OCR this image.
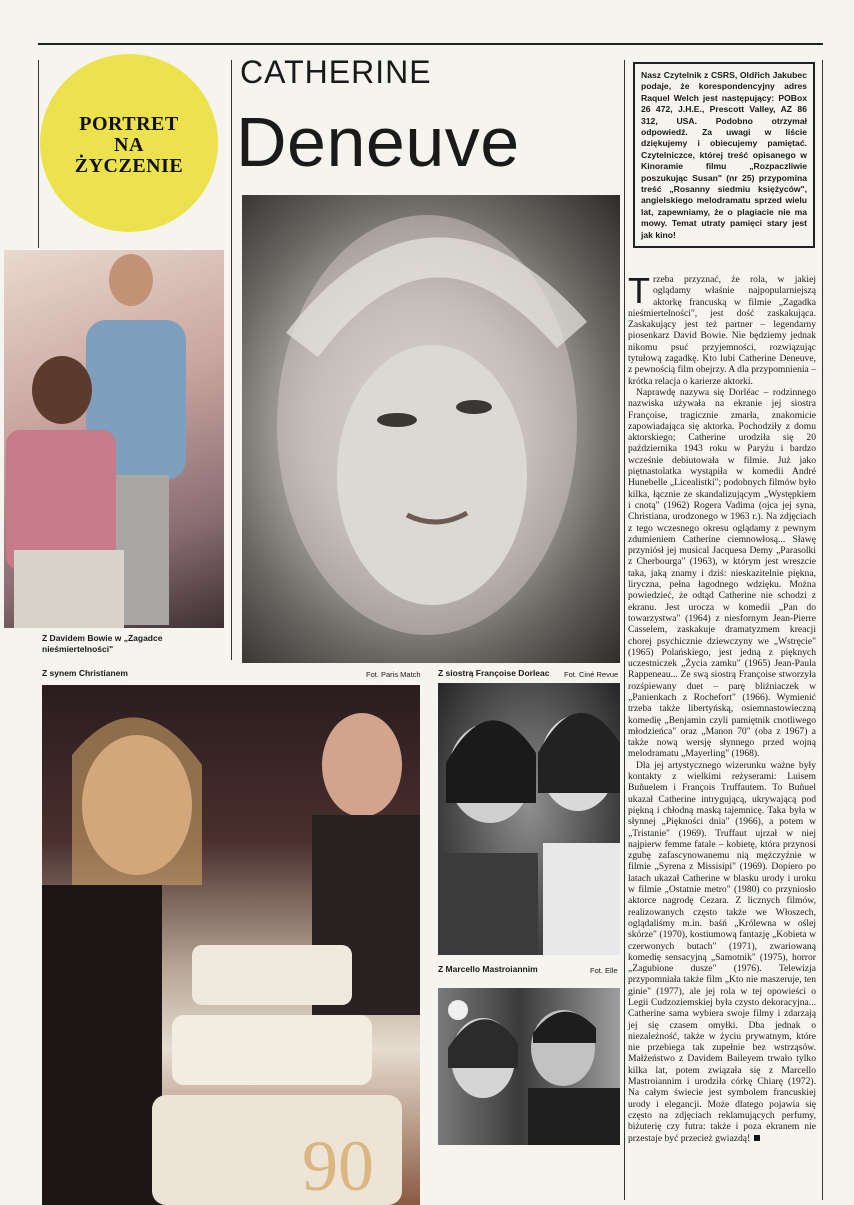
PORTRET
NA
ŻYCZENIE
CATHERINE
Deneuve
Nasz Czytelnik z CSRS, Oldřich Jakubec podaje, że korespondencyjny adres Raquel Welch jest następujący: POBox 26 472, J.H.E., Prescott Valley, AZ 86 312, USA. Podobno otrzymał odpowiedź. Za uwagi w liście dziękujemy i obiecujemy pamiętać. Czytelniczce, której treść opisanego w Kinoramie filmu „Rozpaczliwie poszukując Susan" (nr 25) przypomina treść „Rosanny siedmiu księżyców", angielskiego melodramatu sprzed wielu lat, zapewniamy, że o plagiacie nie ma mowy. Temat utraty pamięci stary jest jak kino!
Z Davidem Bowie w „Zagadce nieśmiertelności"
Z synem Christianem	Fot. Paris Match
90
Z siostrą Françoise Dorleac Fot. Ciné Revue
Z Marcello Mastroiannim	Fot. Elle

Trzeba przyznać, że rola, w jakiej oglądamy właśnie najpopularniejszą aktorkę francuską w filmie „Zagadka nieśmiertelności", jest dość zaskakująca. Zaskakujący jest też partner – legendarny piosenkarz David Bowie. Nie będziemy jednak nikomu psuć przyjemności, rozwiązując tytułową zagadkę. Kto lubi Catherine Deneuve, z pewnością film obejrzy. A dla przypomnienia – krótka relacja o karierze aktorki.

Naprawdę nazywa się Dorléac – rodzinnego nazwiska używała na ekranie jej siostra Françoise, tragicznie zmarła, znakomicie zapowiadająca się aktorka. Pochodziły z domu aktorskiego; Catherine urodziła się 20 października 1943 roku w Paryżu i bardzo wcześnie debiutowała w filmie. Już jako piętnastolatka wystąpiła w komedii André Hunebelle „Licealistki"; podobnych filmów było kilka, łącznie ze skandalizującym „Występkiem i cnotą" (1962) Rogera Vadima (ojca jej syna, Christiana, urodzonego w 1963 r.). Na zdjęciach z tego wczesnego okresu oglądamy z pewnym zdumieniem Catherine ciemnowłosą... Sławę przyniósł jej musical Jacquesa Demy „Parasolki z Cherbourga" (1963), w którym jest wreszcie taka, jaką znamy i dziś: nieskazitelnie piękna, liryczna, pełna łagodnego wdzięku. Można powiedzieć, że odtąd Catherine nie schodzi z ekranu. Jest urocza w komedii „Pan do towarzystwa" (1964) z niesfornym Jean-Pierre Casselem, zaskakuje dramatyzmem kreacji chorej psychicznie dziewczyny we „Wstręcie" (1965) Polańskiego, jest jedną z pięknych uczestniczek „Życia zamku" (1965) Jean-Paula Rappeneau... Ze swą siostrą Françoise stworzyła rozśpiewany duet – parę bliźniaczek w „Panienkach z Rochefort" (1966). Wymienić trzeba także libertyńską, osiemnastowieczną komedię „Benjamin czyli pamiętnik cnotliwego młodzieńca" oraz „Manon 70" (oba z 1967) a także nową wersję słynnego przed wojną melodramatu „Mayerling" (1968).

Dla jej artystycznego wizerunku ważne były kontakty z wielkimi reżyserami: Luisem Buñuelem i François Truffautem. To Buñuel ukazał Catherine intrygującą, ukrywającą pod piękną i chłodną maską tajemnicę. Taka była w słynnej „Piękności dnia" (1966), a potem w „Tristanie" (1969). Truffaut ujrzał w niej najpierw femme fatale – kobietę, która przynosi zgubę zafascynowanemu nią mężczyźnie w filmie „Syrena z Missisipi" (1969). Dopiero po latach ukazał Catherine w blasku urody i uroku w filmie „Ostatnie metro" (1980) co przyniosło aktorce nagrodę Cezara. Z licznych filmów, realizowanych często także we Włoszech, oglądaliśmy m.in. baśń „Królewna w oślej skórze" (1970), kostiumową fantazję „Kobieta w czerwonych butach" (1971), zwariowaną komedię sensacyjną „Samotnik" (1975), horror „Zagubione dusze" (1976). Telewizja przypomniała także film „Kto nie maszeruje, ten ginie" (1977), ale jej rola w tej opowieści o Legii Cudzoziemskiej była czysto dekoracyjna... Catherine sama wybiera swoje filmy i zdarzają jej się czasem omyłki. Dba jednak o niezależność, także w życiu prywatnym, które nie przebiega tak zupełnie bez wstrząsów. Małżeństwo z Davidem Baileyem trwało tylko kilka lat, potem związała się z Marcello Mastroiannim i urodziła córkę Chiarę (1972). Na całym świecie jest symbolem francuskiej urody i elegancji. Może dlatego pojawia się często na zdjęciach reklamujących perfumy, biżuterię czy futra: także i poza ekranem nie przestaje być przecież gwiazdą!
